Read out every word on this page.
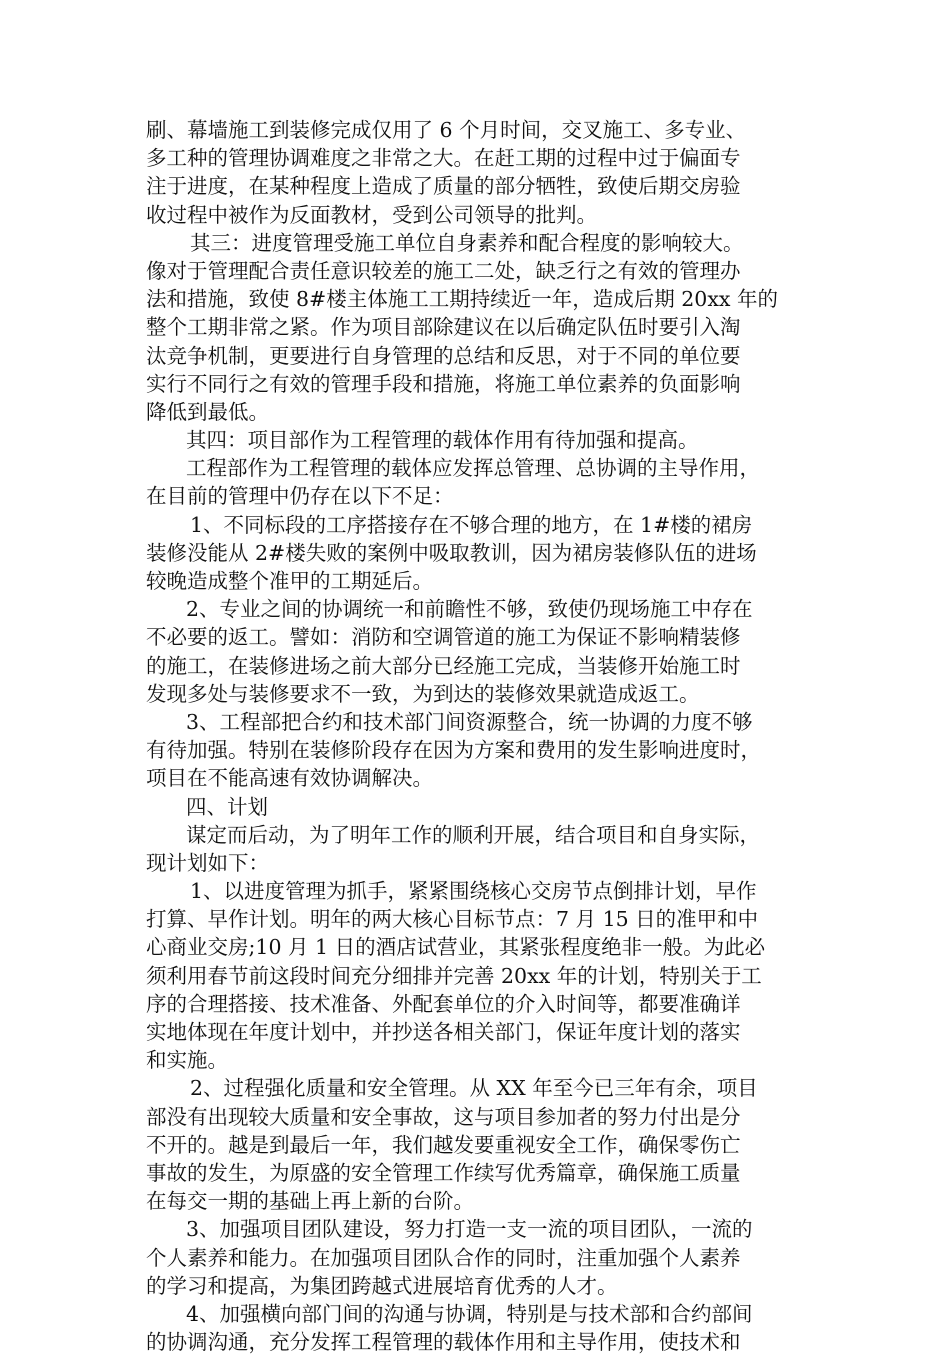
刷、幕墙施工到装修完成仅用了 6 个月时间，交叉施工、多专业、
多工种的管理协调难度之非常之大。在赶工期的过程中过于偏面专
注于进度，在某种程度上造成了质量的部分牺牲，致使后期交房验
收过程中被作为反面教材，受到公司领导的批判。
其三：进度管理受施工单位自身素养和配合程度的影响较大。
像对于管理配合责任意识较差的施工二处，缺乏行之有效的管理办
法和措施，致使 8#楼主体施工工期持续近一年，造成后期 20xx 年的
整个工期非常之紧。作为项目部除建议在以后确定队伍时要引入淘
汰竞争机制，更要进行自身管理的总结和反思，对于不同的单位要
实行不同行之有效的管理手段和措施，将施工单位素养的负面影响
降低到最低。
其四：项目部作为工程管理的载体作用有待加强和提高。
工程部作为工程管理的载体应发挥总管理、总协调的主导作用，
在目前的管理中仍存在以下不足：
1、不同标段的工序搭接存在不够合理的地方，在 1#楼的裙房
装修没能从 2#楼失败的案例中吸取教训，因为裙房装修队伍的进场
较晚造成整个准甲的工期延后。
2、专业之间的协调统一和前瞻性不够，致使仍现场施工中存在
不必要的返工。譬如：消防和空调管道的施工为保证不影响精装修
的施工，在装修进场之前大部分已经施工完成，当装修开始施工时
发现多处与装修要求不一致，为到达的装修效果就造成返工。
3、工程部把合约和技术部门间资源整合，统一协调的力度不够
有待加强。特别在装修阶段存在因为方案和费用的发生影响进度时，
项目在不能高速有效协调解决。
四、计划
谋定而后动，为了明年工作的顺利开展，结合项目和自身实际，
现计划如下：
1、以进度管理为抓手，紧紧围绕核心交房节点倒排计划，早作
打算、早作计划。明年的两大核心目标节点：7 月 15 日的准甲和中
心商业交房;10 月 1 日的酒店试营业，其紧张程度绝非一般。为此必
须利用春节前这段时间充分细排并完善 20xx 年的计划，特别关于工
序的合理搭接、技术准备、外配套单位的介入时间等，都要准确详
实地体现在年度计划中，并抄送各相关部门，保证年度计划的落实
和实施。
2、过程强化质量和安全管理。从 XX 年至今已三年有余，项目
部没有出现较大质量和安全事故，这与项目参加者的努力付出是分
不开的。越是到最后一年，我们越发要重视安全工作，确保零伤亡
事故的发生，为原盛的安全管理工作续写优秀篇章，确保施工质量
在每交一期的基础上再上新的台阶。
3、加强项目团队建设，努力打造一支一流的项目团队，一流的
个人素养和能力。在加强项目团队合作的同时，注重加强个人素养
的学习和提高，为集团跨越式进展培育优秀的人才。
4、加强横向部门间的沟通与协调，特别是与技术部和合约部间
的协调沟通，充分发挥工程管理的载体作用和主导作用，使技术和
